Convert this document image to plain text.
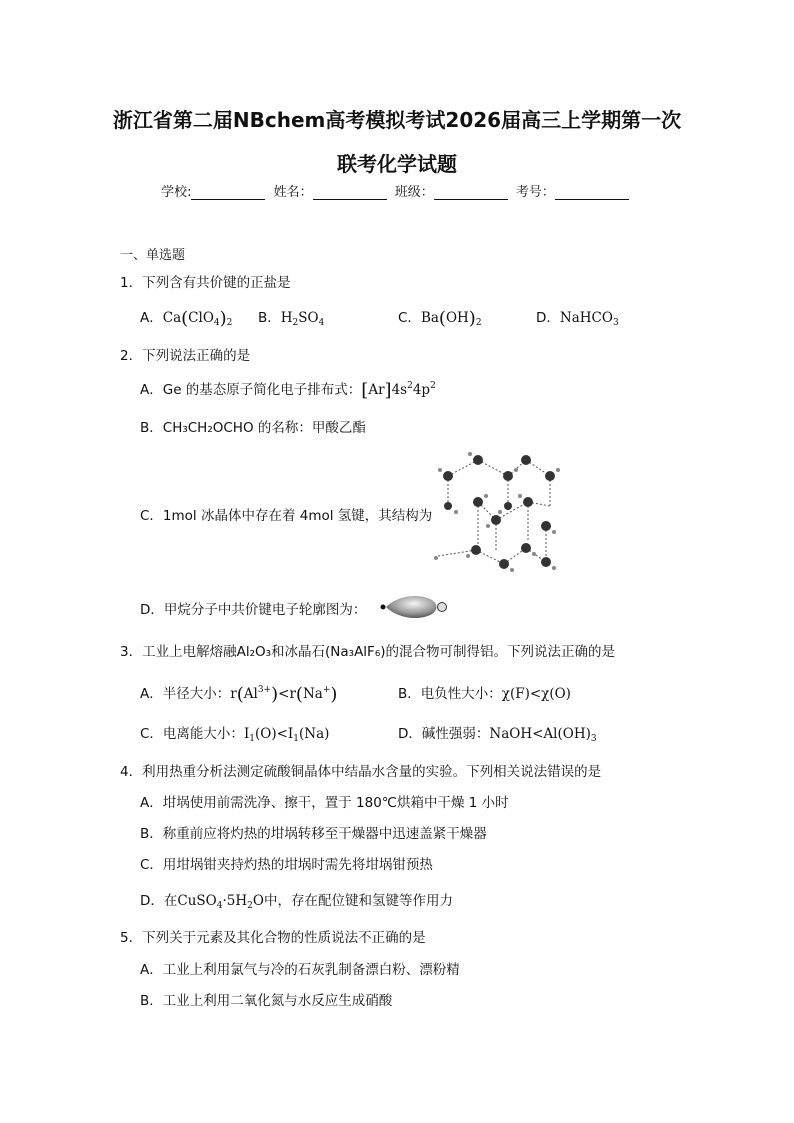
浙江省第二届NBchem高考模拟考试2026届高三上学期第一次
联考化学试题
学校:	姓名：	班级：	考号：
一、单选题
1．下列含有共价键的正盐是
A．$Ca(ClO_4)_2$ B．$H_2SO_4$	C．$Ba(OH)_2$	D．NaHCO$_3$
2．下列说法正确的是
A．Ge 的基态原子简化电子排布式：$[Ar]4s^24p^2$
B．CH₃CH₂OCHO 的名称：甲酸乙酯
C．1mol 冰晶体中存在着 4mol 氢键，其结构为
D．甲烷分子中共价键电子轮廓图为：
3．工业上电解熔融Al₂O₃和冰晶石(Na₃AlF₆)的混合物可制得铝。下列说法正确的是
A．半径大小：$r(Al^{3+})<r(Na^+)$	B．电负性大小：χ(F)<χ(O)
C．电离能大小：$I_1(O)<I_1(Na)$	D．碱性强弱：$NaOH<Al(OH)_3$
4．利用热重分析法测定硫酸铜晶体中结晶水含量的实验。下列相关说法错误的是
A．坩埚使用前需洗净、擦干，置于 180℃烘箱中干燥 1 小时
B．称重前应将灼热的坩埚转移至干燥器中迅速盖紧干燥器
C．用坩埚钳夹持灼热的坩埚时需先将坩埚钳预热
D．在$CuSO_4\cdot 5H_2O$中，存在配位键和氢键等作用力
5．下列关于元素及其化合物的性质说法不正确的是
A．工业上利用氯气与冷的石灰乳制备漂白粉、漂粉精
B．工业上利用二氧化氮与水反应生成硝酸
